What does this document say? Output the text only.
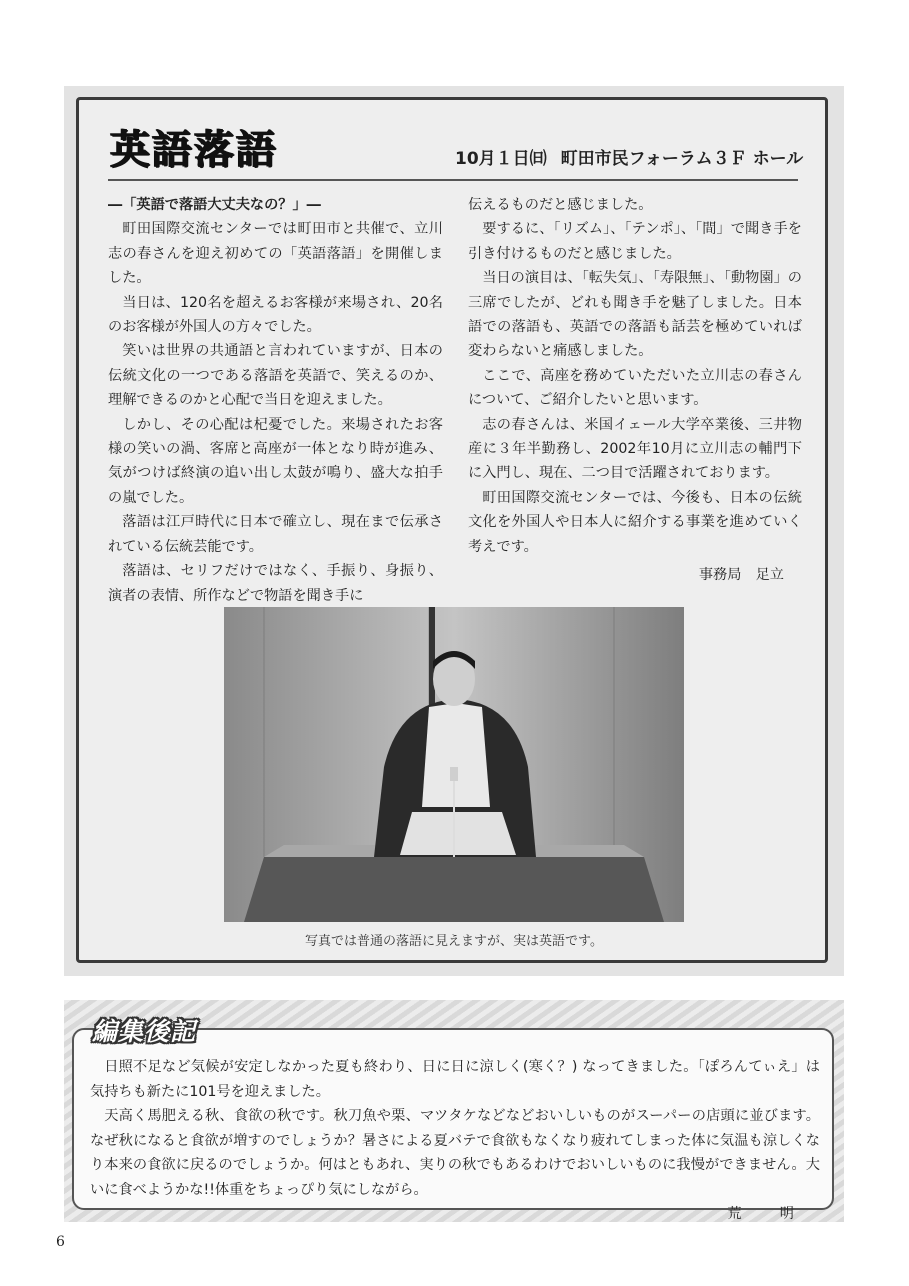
英語落語	10月１日㈰ 町田市民フォーラム３Ｆ ホール

―「英語で落語大丈夫なの？」―

町田国際交流センターでは町田市と共催で、立川志の春さんを迎え初めての「英語落語」を開催しました。

当日は、120名を超えるお客様が来場され、20名のお客様が外国人の方々でした。

笑いは世界の共通語と言われていますが、日本の伝統文化の一つである落語を英語で、笑えるのか、理解できるのかと心配で当日を迎えました。

しかし、その心配は杞憂でした。来場されたお客様の笑いの渦、客席と高座が一体となり時が進み、気がつけば終演の追い出し太鼓が鳴り、盛大な拍手の嵐でした。

落語は江戸時代に日本で確立し、現在まで伝承されている伝統芸能です。

落語は、セリフだけではなく、手振り、身振り、演者の表情、所作などで物語を聞き手に

伝えるものだと感じました。

要するに、「リズム」、「テンポ」、「間」で聞き手を引き付けるものだと感じました。

当日の演目は、「転失気」、「寿限無」、「動物園」の三席でしたが、どれも聞き手を魅了しました。日本語での落語も、英語での落語も話芸を極めていれば変わらないと痛感しました。

ここで、高座を務めていただいた立川志の春さんについて、ご紹介したいと思います。

志の春さんは、米国イェール大学卒業後、三井物産に３年半勤務し、2002年10月に立川志の輔門下に入門し、現在、二つ目で活躍されております。

町田国際交流センターでは、今後も、日本の伝統文化を外国人や日本人に紹介する事業を進めていく考えです。

事務局　足立
写真では普通の落語に見えますが、実は英語です。
編集後記

日照不足など気候が安定しなかった夏も終わり、日に日に涼しく(寒く？) なってきました。「ぽろんてぃえ」は気持ちも新たに101号を迎えました。

天高く馬肥える秋、食欲の秋です。秋刀魚や栗、マツタケなどなどおいしいものがスーパーの店頭に並びます。なぜ秋になると食欲が増すのでしょうか？暑さによる夏バテで食欲もなくなり疲れてしまった体に気温も涼しくなり本来の食欲に戻るのでしょうか。何はともあれ、実りの秋でもあるわけでおいしいものに我慢ができません。大いに食べようかな!!体重をちょっぴり気にしながら。

荒　明
6
